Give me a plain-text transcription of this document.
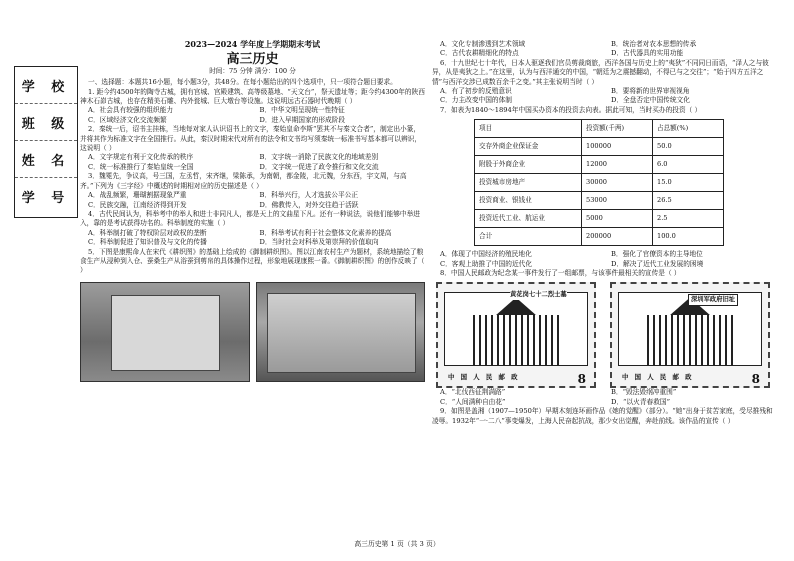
学 校
班 级
姓 名
学 号
2023—2024 学年度上学期期末考试
高三历史
时间：75 分钟 满分：100 分

一、选择题：本题共16小题，每小题3分，共48分。在每小题给出的四个选项中，只一项符合题目要求。

1. 距今约4500年的陶寺古城，拥有宫城、宫殿建筑、高等级墓地、“天文台”，祭天遗址等；距今约4300年的陕西神木石峁古城，也存在精美石雕、内外瓮城、巨大墩台等设施。这说明远古石器时代晚期（ ）

A．社会具有较强的组织能力	B．中华文明呈现统一性特征
C．区域经济文化交流频繁	D．进入早期国家的形成阶段

2．秦统一后，诏书主挂栋，当地每对家人认识诏书上的文字，秦始皇命李斯“罢其不与秦文合者”，制定出小篆，并将其作为标准文字在全国推行。从此，秦汉时期宋代对所有的法令和文书均写须秦统一标准书写基本都可以辨识，这说明（ ）

A．文字规定有利于文化传承的秩序	B．文字统一消除了民族文化的地域差别
C．统一标准推行了秦始皇统一全国	D．文字统一促进了政令推行和文化交流

3．魏冕先，争议高，号三国，左丞哲，宋齐继，梁陈承，为南朝，都金陵，北元魏，分东西，宇文周，与高齐。”下列为《三字经》中概述的时期相对应的历史描述是（ ）

A．战乱频繁，珊瑚割据现象严重	B．科举兴行，人才选拔公平公正
C．民族交融，江南经济得到开发	D．佛教传入，对外交往趋于活跃

4．古代民间认为，科举考中的举人和进士非同凡人，都是天上的文曲星下凡。还有一种说法，说他们能够中举进入，靠的是考试获得功名的。科举制度的实施（ ）

A．科举制打破了特权阶层对政权的垄断	B．科举考试有利于社会整体文化素养的提高
C．科举制促进了知识普及与文化的传播	D．当时社会对科举及第崇拜的价值取向

5．下图是康熙命人在宋代《耕织图》的基础上绘成的《御制耕织图》。图以江南农村生产为题材，系统地描绘了粮食生产从浸种到入仓、蚕桑生产从浴蚕到剪帛的具体操作过程，形象地展现康熙一番。《御制耕织图》的创作反映了（ ）

A．文化专制渗透到艺术领域	B．统治者对农本思想的传承
C．古代农耕精细化的特点	D．古代器具的实用功能

6．十九世纪七十年代，日本人驱逐我们官员剪裁商旅，西洋各国与历史上的“夷狄”不同同日而语，“泽人之与彼异，从是夷狄之上。”在这里，认为与西洋通交的中国，“朝廷为之震撼翻动，不得已与之交往”；“始于四方五洋之情”与西洋交涉已成数百余千之变。”其主张说明当时（ ）

A．有了初步的反殖意识	B．要将新的世界审视视角
C．力主改变中国的体制	D．全盘否定中国传统文化

7．如表为1840～1894年中国买办资本的投资去向表。据此可知，当时买办的投资（ ）

项目	投资额(千两)	占总额(%)
交存外商企业保证金	100000	50.0
附股于外商企业	12000	6.0
投资城市房地产	30000	15.0
投资商业、银钱业	53000	26.5
投资近代工业、航运业	5000	2.5
合计	200000	100.0
A．体现了中国经济的殖民地化	B．强化了官僚资本的主导地位
C．客观上助推了中国的近代化	D．解决了近代工业发展的困境

8．中国人民邮政为纪念某一事件发行了一组邮票，与该事件最相关的宣传是（ ）

黄花岗七十二烈士墓
中 国 人 民 邮 政	8
深圳军政府旧址
中 国 人 民 邮 政	8
A．“北伐西征荆满路”	B．“毁法毁纲冲重围”
C．“人间满种自由花”	D．“以火青春救国”

9．如图是盖湘（1907—1950年）早期木刻连环画作品《她的觉醒》（部分）。“她”出身于贫苦家庭，受尽推残和凌辱。1932年“一·二八”事变爆发，上海人民奋起抗战，那少女出觉醒，奔赴前线。该作品的宣传（ ）

高三历史第 1 页（共 3 页）
